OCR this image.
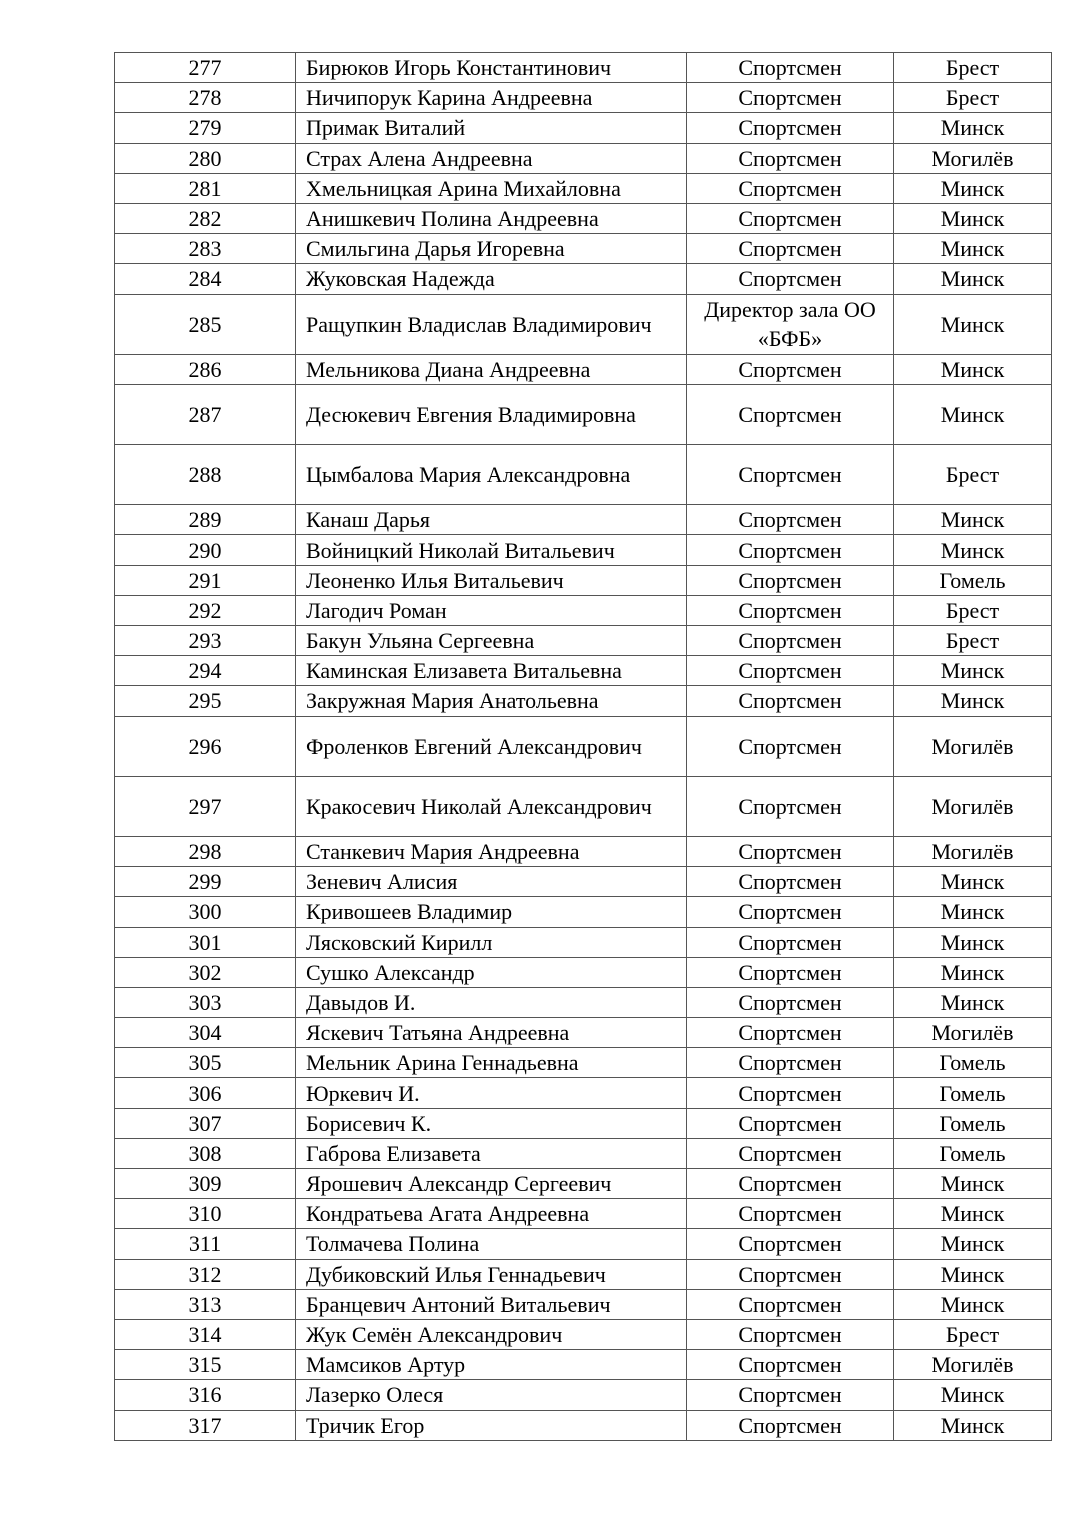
277	Бирюков Игорь Константинович	Спортсмен	Брест
278	Ничипорук Карина Андреевна	Спортсмен	Брест
279	Примак Виталий	Спортсмен	Минск
280	Страх Алена Андреевна	Спортсмен	Могилёв
281	Хмельницкая Арина Михайловна	Спортсмен	Минск
282	Анишкевич Полина Андреевна	Спортсмен	Минск
283	Смильгина Дарья Игоревна	Спортсмен	Минск
284	Жуковская Надежда	Спортсмен	Минск
285	Ращупкин Владислав Владимирович	Директор зала ОО «БФБ»	Минск
286	Мельникова Диана Андреевна	Спортсмен	Минск
287	Десюкевич Евгения Владимировна	Спортсмен	Минск
288	Цымбалова Мария Александровна	Спортсмен	Брест
289	Канаш Дарья	Спортсмен	Минск
290	Войницкий Николай Витальевич	Спортсмен	Минск
291	Леоненко Илья Витальевич	Спортсмен	Гомель
292	Лагодич Роман	Спортсмен	Брест
293	Бакун Ульяна Сергеевна	Спортсмен	Брест
294	Каминская Елизавета Витальевна	Спортсмен	Минск
295	Закружная Мария Анатольевна	Спортсмен	Минск
296	Фроленков Евгений Александрович	Спортсмен	Могилёв
297	Кракосевич Николай Александрович	Спортсмен	Могилёв
298	Станкевич Мария Андреевна	Спортсмен	Могилёв
299	Зеневич Алисия	Спортсмен	Минск
300	Кривошеев Владимир	Спортсмен	Минск
301	Лясковский Кирилл	Спортсмен	Минск
302	Сушко Александр	Спортсмен	Минск
303	Давыдов И.	Спортсмен	Минск
304	Яскевич Татьяна Андреевна	Спортсмен	Могилёв
305	Мельник Арина Геннадьевна	Спортсмен	Гомель
306	Юркевич И.	Спортсмен	Гомель
307	Борисевич К.	Спортсмен	Гомель
308	Габрова Елизавета	Спортсмен	Гомель
309	Ярошевич Александр Сергеевич	Спортсмен	Минск
310	Кондратьева Агата Андреевна	Спортсмен	Минск
311	Толмачева Полина	Спортсмен	Минск
312	Дубиковский Илья Геннадьевич	Спортсмен	Минск
313	Бранцевич Антоний Витальевич	Спортсмен	Минск
314	Жук Семён Александрович	Спортсмен	Брест
315	Мамсиков Артур	Спортсмен	Могилёв
316	Лазерко Олеся	Спортсмен	Минск
317	Тричик Егор	Спортсмен	Минск
